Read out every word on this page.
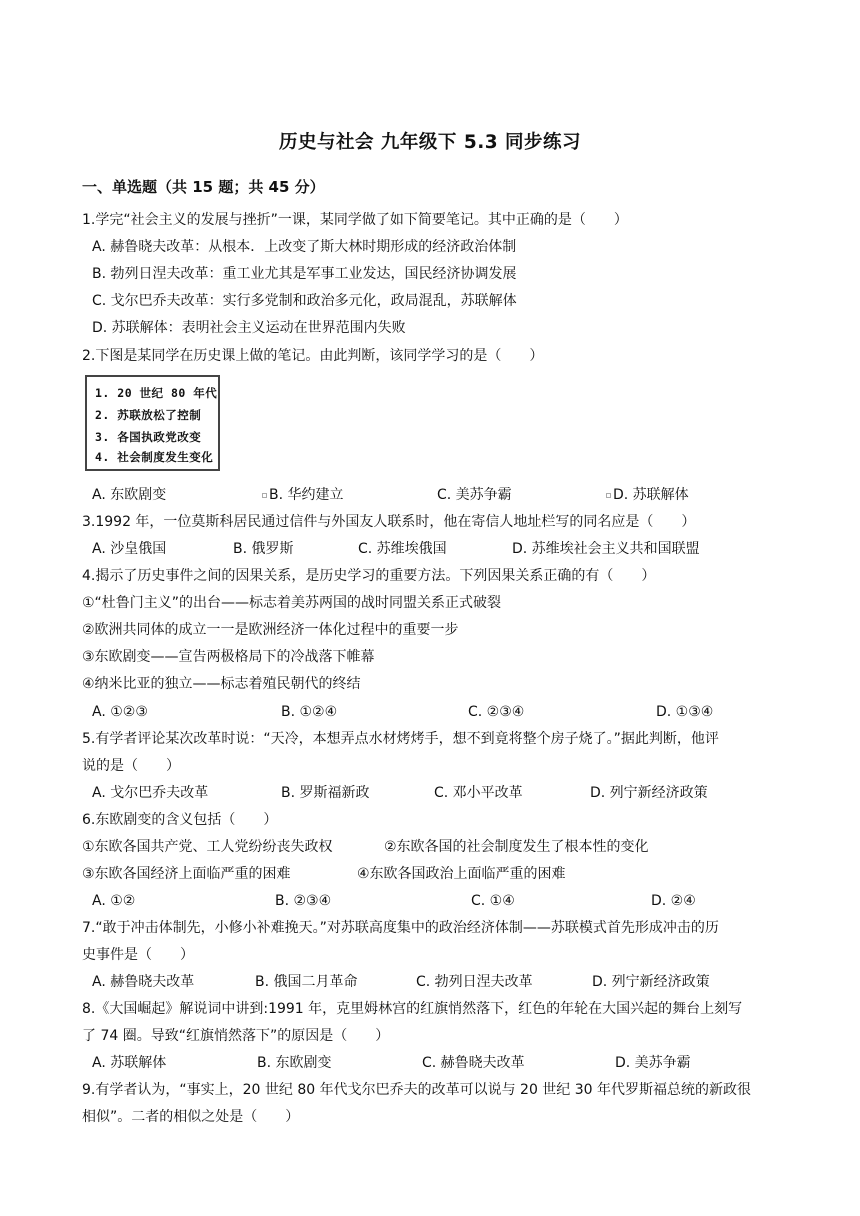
历史与社会 九年级下 5.3 同步练习
一、单选题（共 15 题；共 45 分）
1.学完“社会主义的发展与挫折”一课，某同学做了如下简要笔记。其中正确的是（　　）
A. 赫鲁晓夫改革：从根本．上改变了斯大林时期形成的经济政治体制
B. 勃列日涅夫改革：重工业尤其是军事工业发达，国民经济协调发展
C. 戈尔巴乔夫改革：实行多党制和政治多元化，政局混乱，苏联解体
D. 苏联解体：表明社会主义运动在世界范围内失败
2.下图是某同学在历史课上做的笔记。由此判断，该同学学习的是（　　）
1. 20 世纪 80 年代
2. 苏联放松了控制
3. 各国执政党改变
4. 社会制度发生变化
A. 东欧剧变	B. 华约建立	C. 美苏争霸	D. 苏联解体
3.1992 年，一位莫斯科居民通过信件与外国友人联系时，他在寄信人地址栏写的同名应是（　　）
A. 沙皇俄国	B. 俄罗斯	C. 苏维埃俄国	D. 苏维埃社会主义共和国联盟
4.揭示了历史事件之间的因果关系，是历史学习的重要方法。下列因果关系正确的有（　　）
①“杜鲁门主义”的出台——标志着美苏两国的战时同盟关系正式破裂
②欧洲共同体的成立一一是欧洲经济一体化过程中的重要一步
③东欧剧变——宣告两极格局下的冷战落下帷幕
④纳米比亚的独立——标志着殖民朝代的终结
A. ①②③	B. ①②④	C. ②③④	D. ①③④
5.有学者评论某次改革时说：“天冷，本想弄点水材烤烤手，想不到竟将整个房子烧了。”据此判断，他评
说的是（　　）
A. 戈尔巴乔夫改革	B. 罗斯福新政	C. 邓小平改革	D. 列宁新经济政策
6.东欧剧变的含义包括（　　）
①东欧各国共产党、工人党纷纷丧失政权	②东欧各国的社会制度发生了根本性的变化
③东欧各国经济上面临严重的困难	④东欧各国政治上面临严重的困难
A. ①②	B. ②③④	C. ①④	D. ②④
7.“敢于冲击体制先，小修小补难挽天。”对苏联高度集中的政治经济体制——苏联模式首先形成冲击的历
史事件是（　　）
A. 赫鲁晓夫改革	B. 俄国二月革命	C. 勃列日涅夫改革	D. 列宁新经济政策
8.《大国崛起》解说词中讲到:1991 年，克里姆林宫的红旗悄然落下，红色的年轮在大国兴起的舞台上刻写
了 74 圈。导致“红旗悄然落下”的原因是（　　）
A. 苏联解体	B. 东欧剧变	C. 赫鲁晓夫改革	D. 美苏争霸
9.有学者认为，“事实上，20 世纪 80 年代戈尔巴乔夫的改革可以说与 20 世纪 30 年代罗斯福总统的新政很
相似”。二者的相似之处是（　　）
